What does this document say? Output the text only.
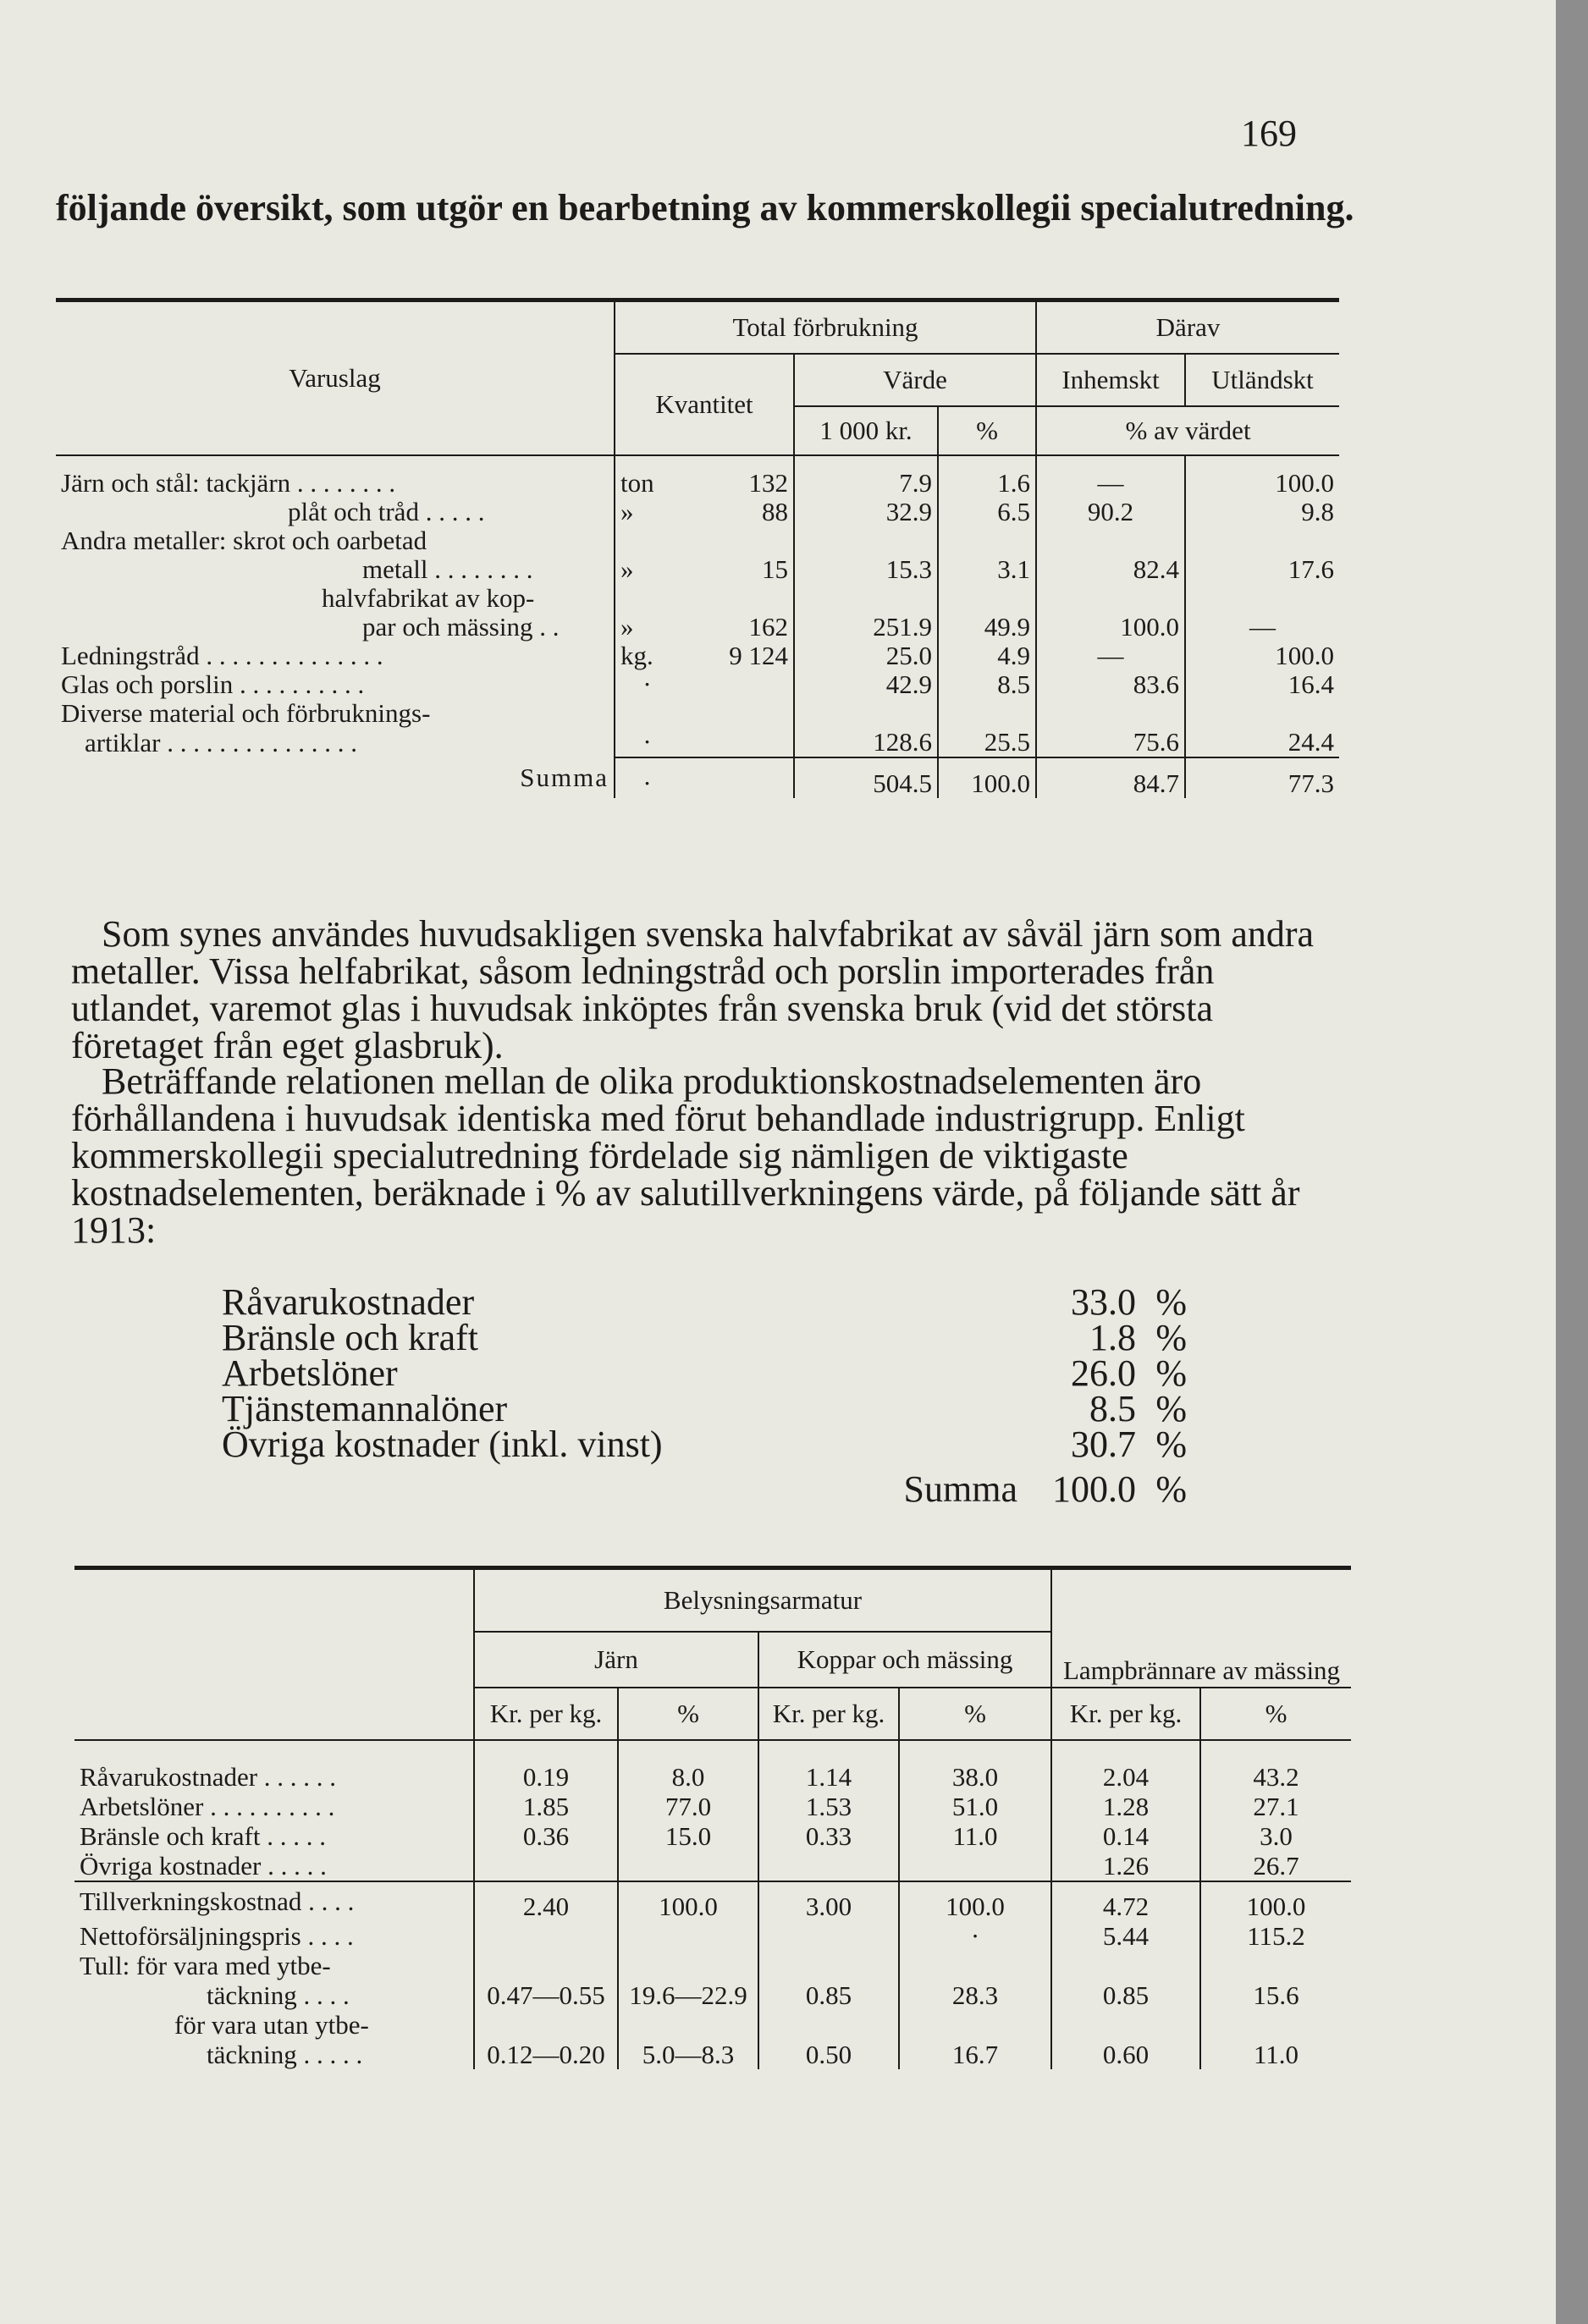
169
följande översikt, som utgör en bearbetning av kommerskollegii specialutredning.
Varuslag	Total förbrukning				Därav	
	Kvantitet		Värde		Inhemskt	Utländskt
			1 000 kr.	%	% av värdet	

Järn och stål: tackjärn . . . . . . . .	ton	132	7.9	1.6	—	100.0
plåt och tråd . . . . .	»	88	32.9	6.5	90.2	9.8
Andra metaller: skrot och oarbetad						
metall . . . . . . . .	»	15	15.3	3.1	82.4	17.6
halvfabrikat av kop-						
par och mässing . .	»	162	251.9	49.9	100.0	—
Ledningstråd . . . . . . . . . . . . . .	kg.	9 124	25.0	4.9	—	100.0
Glas och porslin . . . . . . . . . .	·		42.9	8.5	83.6	16.4
Diverse material och förbruknings-						
artiklar . . . . . . . . . . . . . . .	·		128.6	25.5	75.6	24.4
Summa	·		504.5	100.0	84.7	77.3
Som synes användes huvudsakligen svenska halvfabrikat av såväl järn som andra metaller. Vissa helfabrikat, såsom ledningstråd och porslin importerades från utlandet, varemot glas i huvudsak inköptes från svenska bruk (vid det största företaget från eget glasbruk).
Beträffande relationen mellan de olika produktionskostnadselementen äro förhållandena i huvudsak identiska med förut behandlade industrigrupp. Enligt kommerskollegii specialutredning fördelade sig nämligen de viktigaste kostnadselementen, beräknade i % av salutillverkningens värde, på följande sätt år 1913:
Råvarukostnader	33.0	%
Bränsle och kraft	1.8	%
Arbetslöner	26.0	%
Tjänstemannalöner	8.5	%
Övriga kostnader (inkl. vinst)	30.7	%
Summa	100.0	%
	Belysningsarmatur				Lampbrännare av mässing	
	Järn		Koppar och mässing			
	Kr. per kg.	%	Kr. per kg.	%	Kr. per kg.	%

Råvarukostnader . . . . . .	0.19	8.0	1.14	38.0	2.04	43.2
Arbetslöner . . . . . . . . . .	1.85	77.0	1.53	51.0	1.28	27.1
Bränsle och kraft . . . . .	0.36	15.0	0.33	11.0	0.14	3.0
Övriga kostnader . . . . .					1.26	26.7
Tillverkningskostnad . . . .	2.40	100.0	3.00	100.0	4.72	100.0
Nettoförsäljningspris . . . .				·	5.44	115.2
Tull: för vara med ytbe-						
täckning . . . .	0.47—0.55	19.6—22.9	0.85	28.3	0.85	15.6
för vara utan ytbe-						
täckning . . . . .	0.12—0.20	5.0—8.3	0.50	16.7	0.60	11.0
